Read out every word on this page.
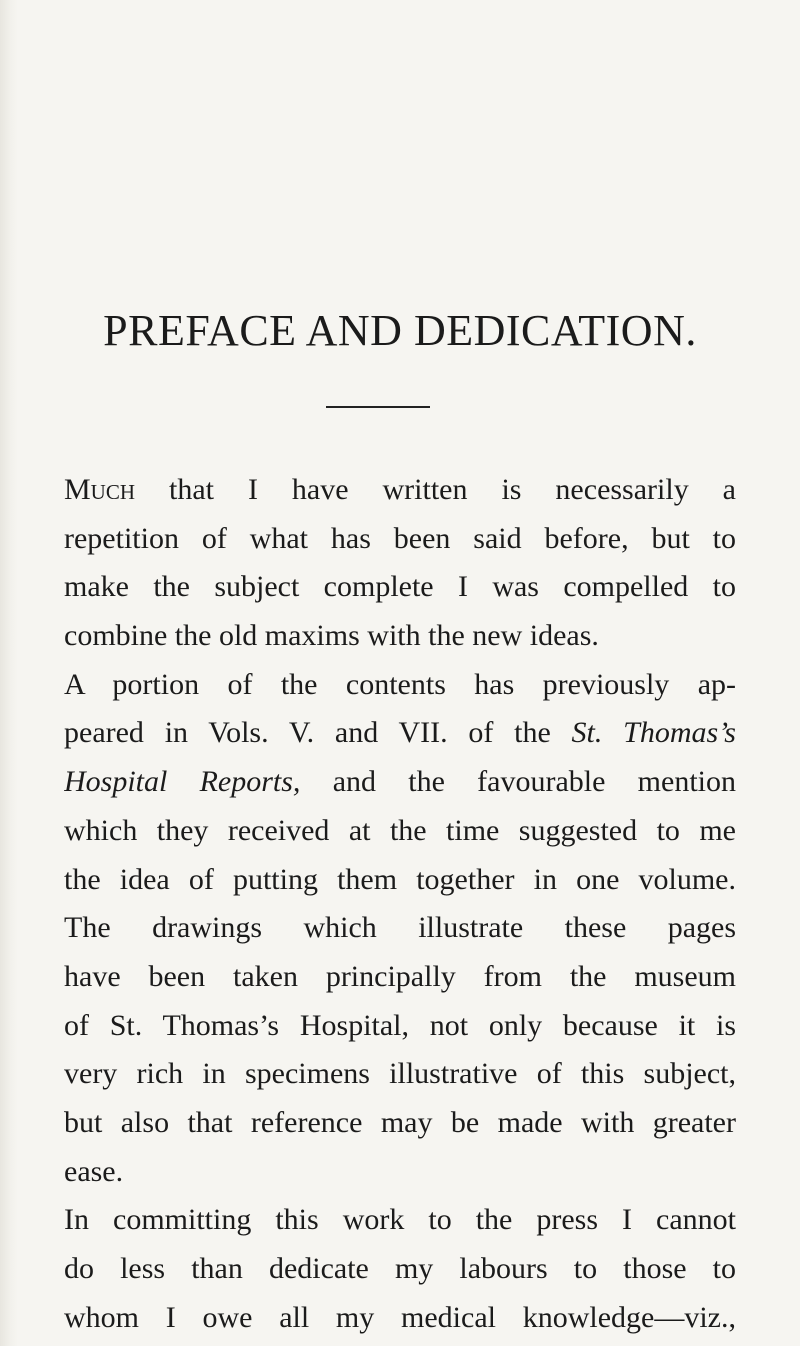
PREFACE AND DEDICATION.
Much that I have written is necessarily a
repetition of what has been said before, but to
make the subject complete I was compelled to
combine the old maxims with the new ideas.
A portion of the contents has previously ap-
peared in Vols. V. and VII. of the St. Thomas’s
Hospital Reports, and the favourable mention
which they received at the time suggested to me
the idea of putting them together in one volume.
The drawings which illustrate these pages
have been taken principally from the museum
of St. Thomas’s Hospital, not only because it is
very rich in specimens illustrative of this subject,
but also that reference may be made with greater
ease.
In committing this work to the press I cannot
do less than dedicate my labours to those to
whom I owe all my medical knowledge—viz.,
